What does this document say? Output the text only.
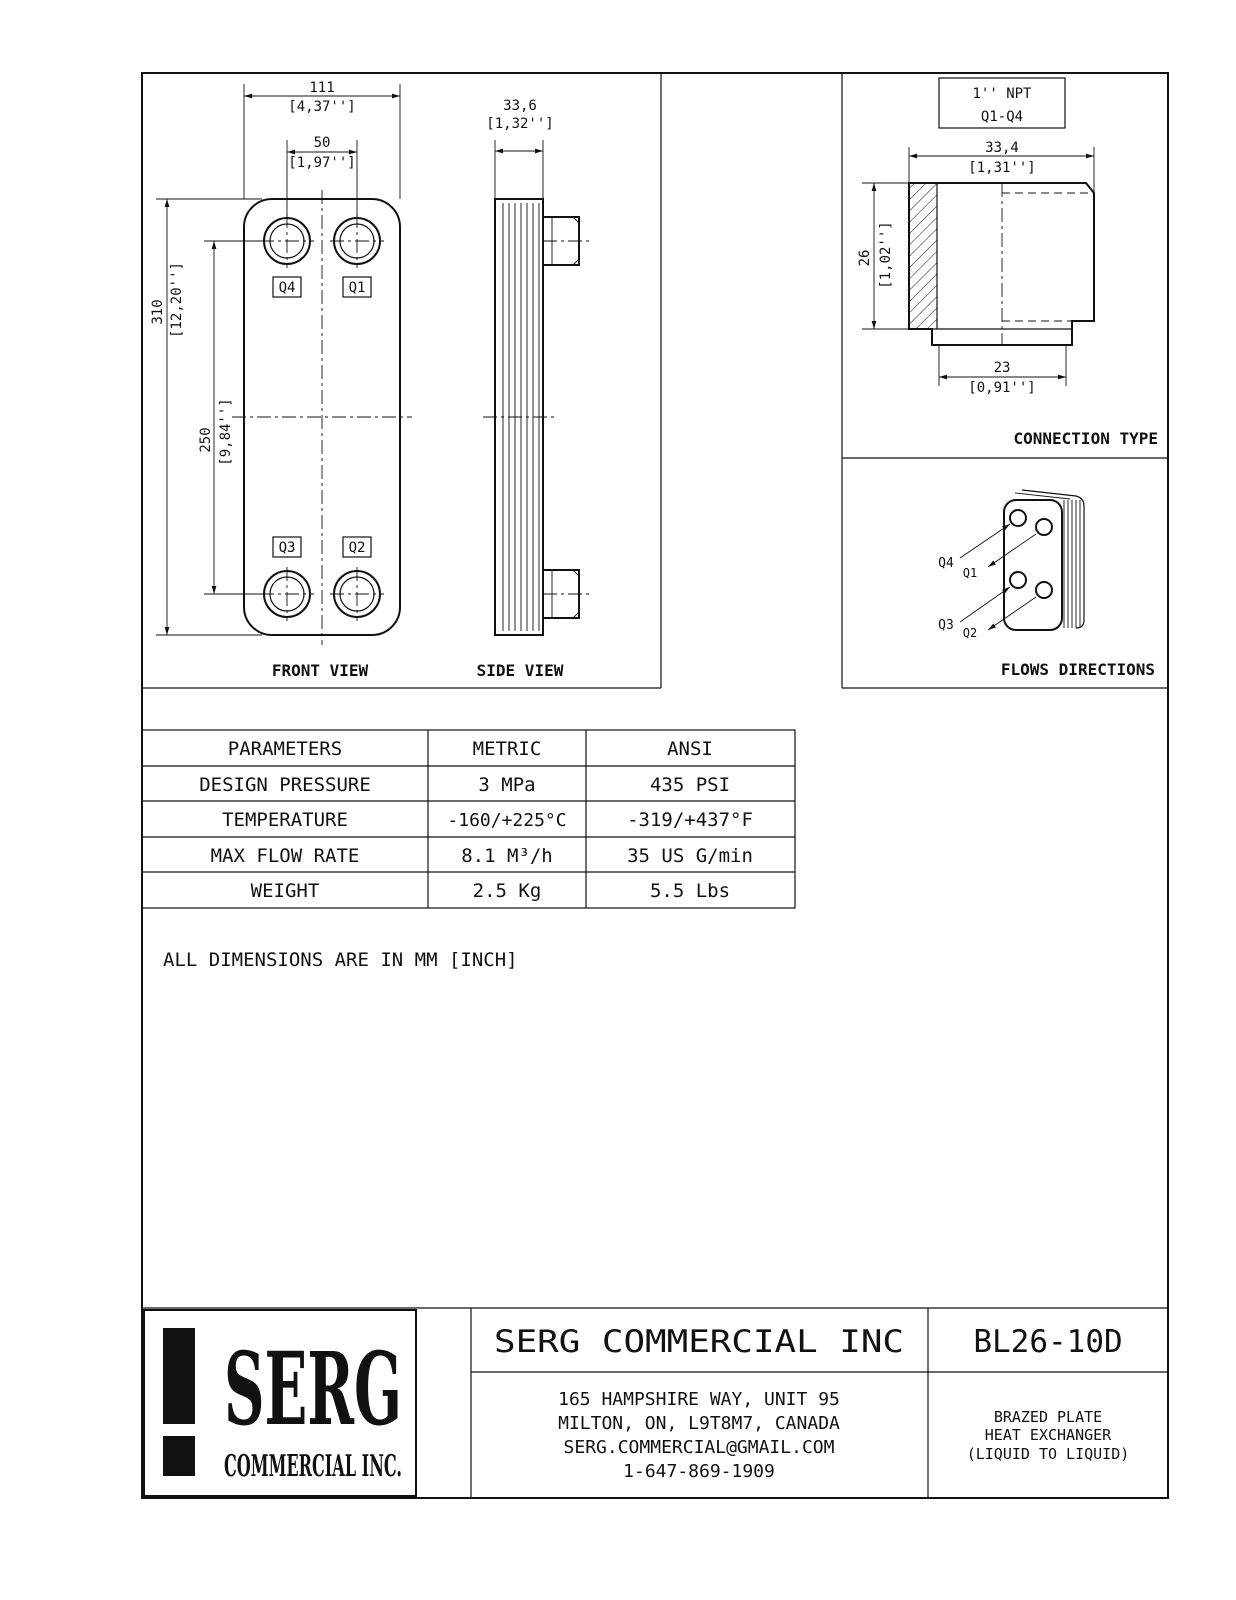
Q4	Q1
Q3	Q2
111
[4,37'']
50
[1,97'']
310 [12,20'']
250 [9,84'']
FRONT VIEW
33,6
[1,32'']
SIDE VIEW
1'' NPT
Q1-Q4
33,4
[1,31'']
26 [1,02'']
23
[0,91'']
CONNECTION TYPE
Q4
Q1
Q3 Q2
FLOWS DIRECTIONS
PARAMETERS	METRIC	ANSI
DESIGN PRESSURE	3 MPa	435 PSI
TEMPERATURE	-160/+225°C	-319/+437°F
MAX FLOW RATE	8.1 M³/h	35 US G/min
WEIGHT	2.5 Kg	5.5 Lbs
ALL DIMENSIONS ARE IN MM [INCH]
SERG
COMMERCIAL INC.
SERG COMMERCIAL INC BL26-10D
165 HAMPSHIRE WAY, UNIT 95
MILTON, ON, L9T8M7, CANADA
SERG.COMMERCIAL@GMAIL.COM
1-647-869-1909
BRAZED PLATE
HEAT EXCHANGER
(LIQUID TO LIQUID)
